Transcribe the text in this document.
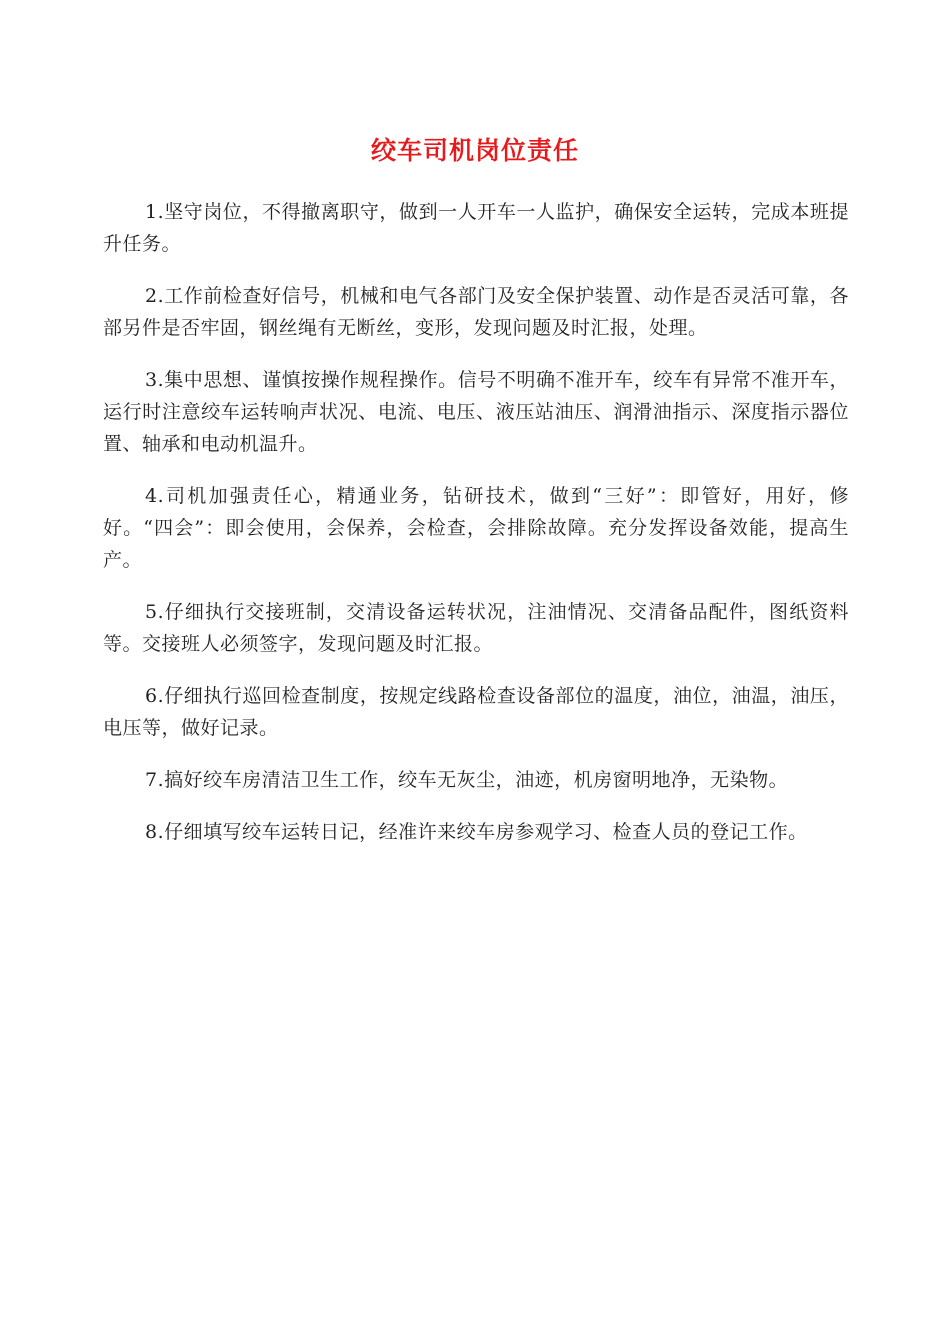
绞车司机岗位责任

1.坚守岗位，不得撤离职守，做到一人开车一人监护，确保安全运转，完成本班提升任务。

2.工作前检查好信号，机械和电气各部门及安全保护装置、动作是否灵活可靠，各部另件是否牢固，钢丝绳有无断丝，变形，发现问题及时汇报，处理。

3.集中思想、谨慎按操作规程操作。信号不明确不准开车，绞车有异常不准开车，运行时注意绞车运转响声状况、电流、电压、液压站油压、润滑油指示、深度指示器位置、轴承和电动机温升。

4.司机加强责任心，精通业务，钻研技术，做到“三好”：即管好，用好，修好。“四会”：即会使用，会保养，会检查，会排除故障。充分发挥设备效能，提高生产。

5.仔细执行交接班制，交清设备运转状况，注油情况、交清备品配件，图纸资料等。交接班人必须签字，发现问题及时汇报。

6.仔细执行巡回检查制度，按规定线路检查设备部位的温度，油位，油温，油压，电压等，做好记录。

7.搞好绞车房清洁卫生工作，绞车无灰尘，油迹，机房窗明地净，无染物。

8.仔细填写绞车运转日记，经准许来绞车房参观学习、检查人员的登记工作。
